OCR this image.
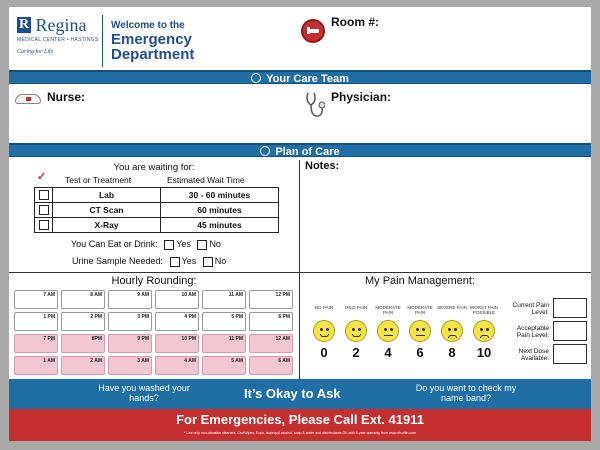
R Regina
MEDICAL CENTER • HASTINGS
Caring for Life
Welcome to the
Emergency Department
Room #:
Your Care Team
Nurse:	Physician:
Plan of Care
You are waiting for:
✓ Test or Treatment	Estimated Wait Time
	Lab	30 - 60 minutes
	CT Scan	60 minutes
	X-Ray	45 minutes
You Can Eat or Drink: Yes No
Urine Sample Needed: Yes No
Notes:
Hourly Rounding:	My Pain Management:
Current Pain Level:
Acceptable Pain Level:
Next Dose Available:
Have you washed your hands?	It’s Okay to Ask	Do you want to check my name band?
For Emergencies, Please Call Ext. 41911
* Use only non-abrasive cleaners. CaviWipes, Expo, isopropyl alcohol, soap & water and disinfectants OK with 5-year warranty from www.elsoftin.com
7 AM	8 AM	9 AM	10 AM	11 AM	12 PM
1 PM	2 PM	3 PM	4 PM	5 PM	6 PM
7 PM	8PM	9 PM	10 PM	11 PM	12 AM
1 AM	2 AM	3 AM	4 AM	5 AM	6 AM
NO PAIN
0
MILD PAIN
2
MODERATE PAIN
4
MODERATE PAIN
6
SEVERE PAIN
8
WORST PAIN POSSIBLE
10
